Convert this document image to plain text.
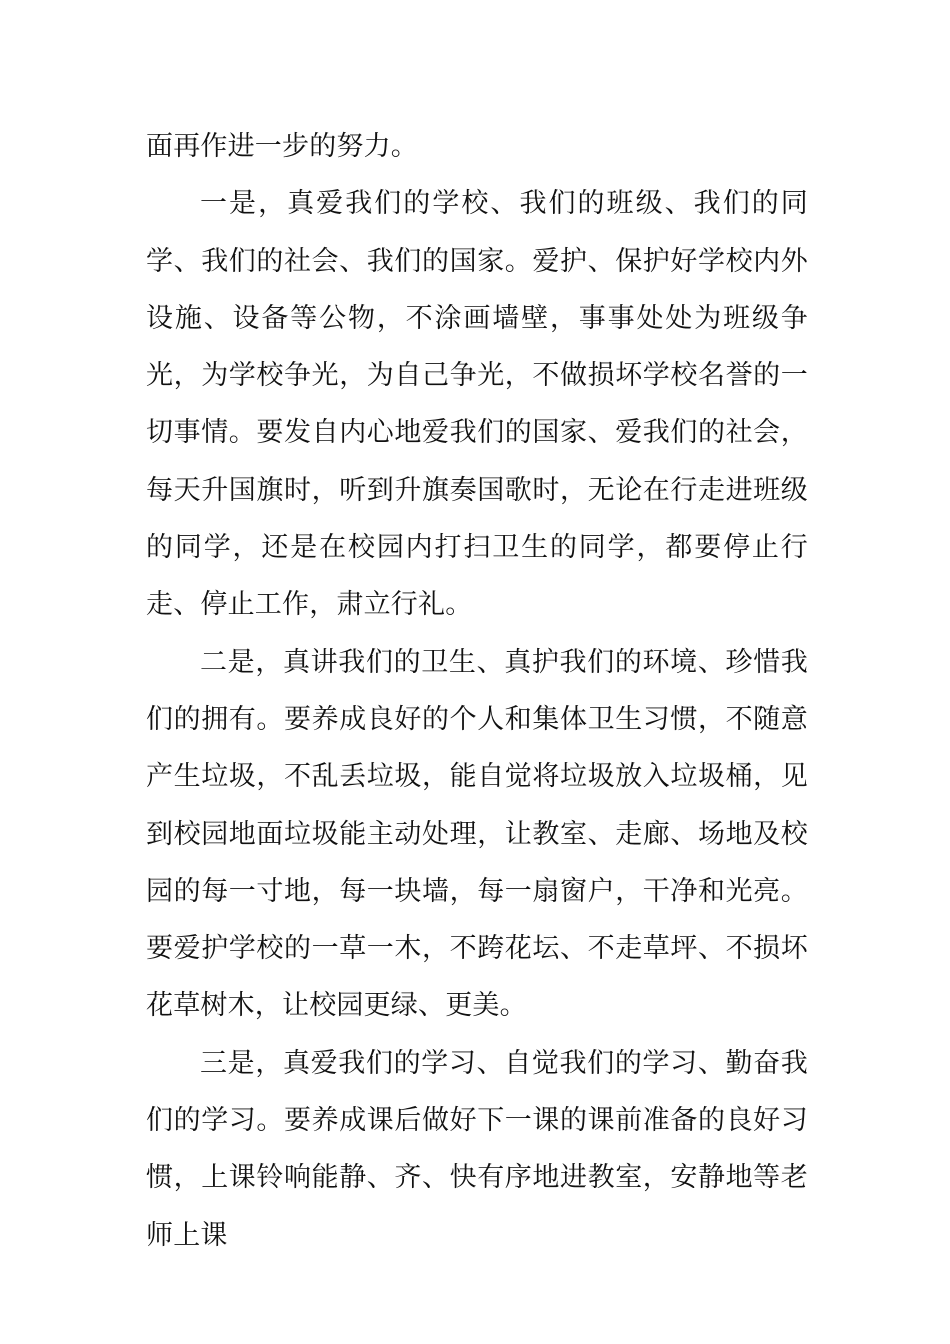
面再作进一步的努力。

一是，真爱我们的学校、我们的班级、我们的同学、我们的社会、我们的国家。爱护、保护好学校内外设施、设备等公物，不涂画墙壁，事事处处为班级争光，为学校争光，为自己争光，不做损坏学校名誉的一切事情。要发自内心地爱我们的国家、爱我们的社会，每天升国旗时，听到升旗奏国歌时，无论在行走进班级的同学，还是在校园内打扫卫生的同学，都要停止行走、停止工作，肃立行礼。

二是，真讲我们的卫生、真护我们的环境、珍惜我们的拥有。要养成良好的个人和集体卫生习惯，不随意产生垃圾，不乱丢垃圾，能自觉将垃圾放入垃圾桶，见到校园地面垃圾能主动处理，让教室、走廊、场地及校园的每一寸地，每一块墙，每一扇窗户，干净和光亮。要爱护学校的一草一木，不跨花坛、不走草坪、不损坏花草树木，让校园更绿、更美。

三是，真爱我们的学习、自觉我们的学习、勤奋我们的学习。要养成课后做好下一课的课前准备的良好习惯，上课铃响能静、齐、快有序地进教室，安静地等老师上课
